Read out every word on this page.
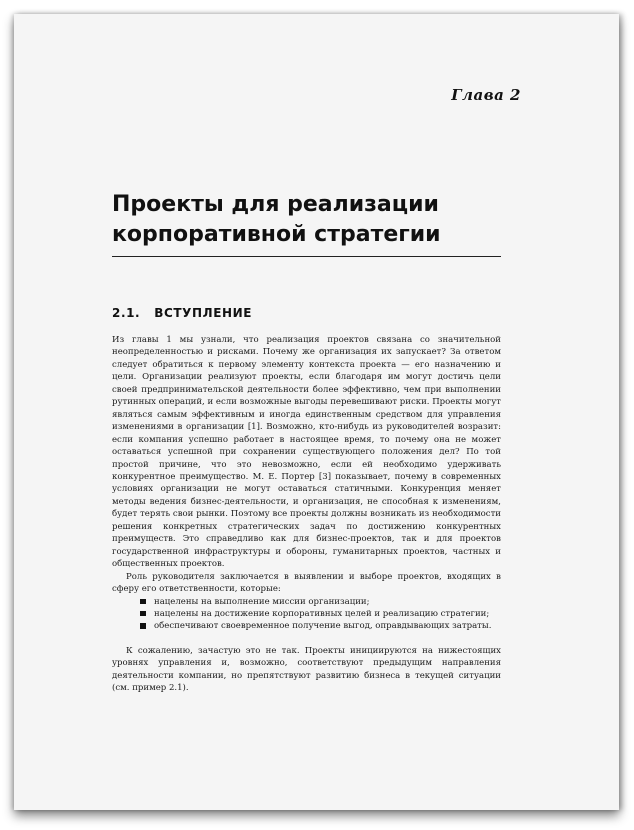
Глава 2
Проекты для реализации
корпоративной стратегии
2.1. ВСТУПЛЕНИЕ

Из главы 1 мы узнали, что реализация проектов связана со значительной неопределенностью и рисками. Почему же организация их запускает? За ответом следует обратиться к первому элементу контекста проекта — его назначению и цели. Организации реализуют проекты, если благодаря им могут достичь цели своей предпринимательской деятельности более эффективно, чем при выполнении рутинных операций, и если возможные выгоды перевешивают риски. Проекты могут являться самым эффективным и иногда единственным средством для управления изменениями в организации [1]. Возможно, кто-нибудь из руководителей возразит: если компания успешно работает в настоящее время, то почему она не может оставаться успешной при сохранении существующего положения дел? По той простой причине, что это невозможно, если ей необходимо удерживать конкурентное преимущество. М. Е. Портер [3] показывает, почему в современных условиях организации не могут оставаться статичными. Конкуренция меняет методы ведения бизнес-деятельности, и организация, не способная к изменениям, будет терять свои рынки. Поэтому все проекты должны возникать из необходимости решения конкретных стратегических задач по достижению конкурентных преимуществ. Это справедливо как для бизнес-проектов, так и для проектов государственной инфраструктуры и обороны, гуманитарных проектов, частных и общественных проектов.

Роль руководителя заключается в выявлении и выборе проектов, входящих в сферу его ответственности, которые:

нацелены на выполнение миссии организации;
нацелены на достижение корпоративных целей и реализацию стратегии;
обеспечивают своевременное получение выгод, оправдывающих затраты.

К сожалению, зачастую это не так. Проекты инициируются на нижестоящих уровнях управления и, возможно, соответствуют предыдущим направления деятельности компании, но препятствуют развитию бизнеса в текущей ситуации (см. пример 2.1).
